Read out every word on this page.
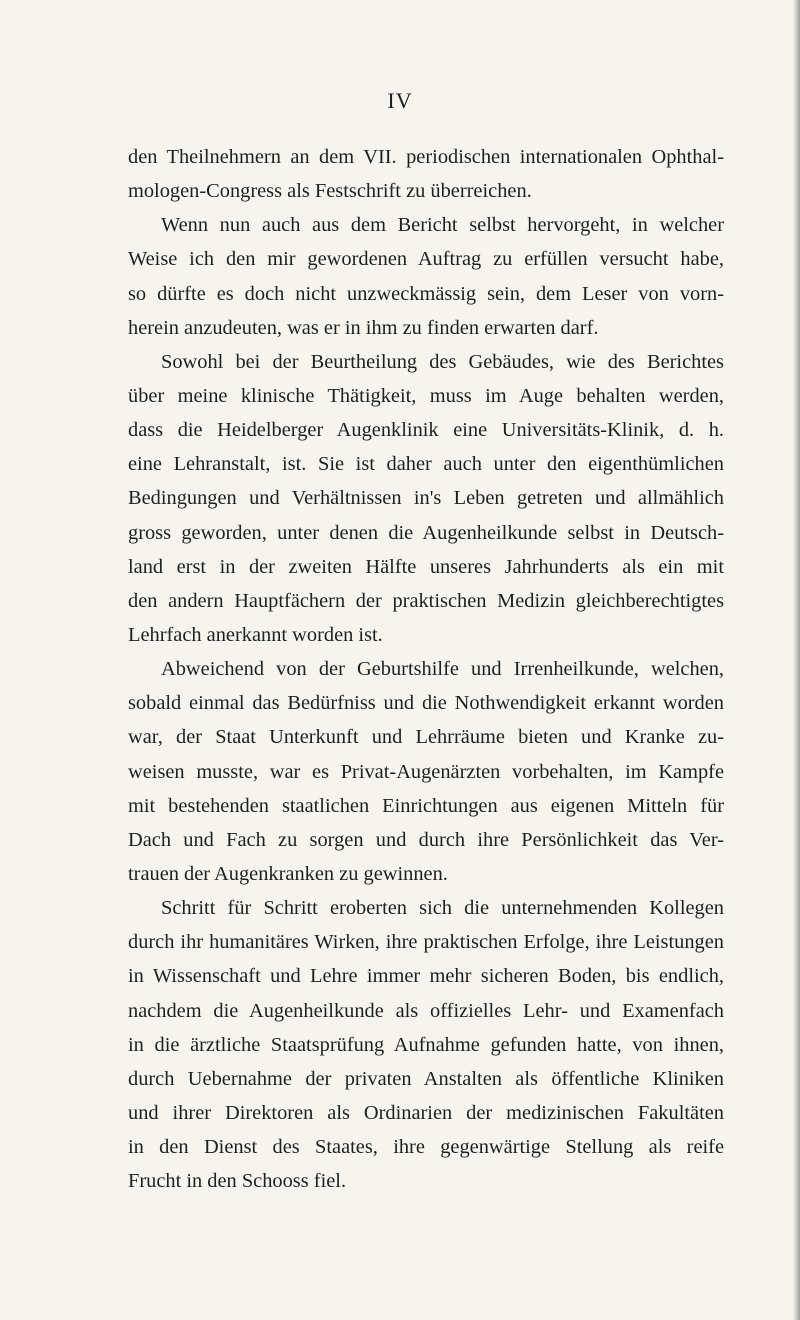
IV
den Theilnehmern an dem VII. periodischen internationalen Ophthal-
mologen-Congress als Festschrift zu überreichen.
Wenn nun auch aus dem Bericht selbst hervorgeht, in welcher
Weise ich den mir gewordenen Auftrag zu erfüllen versucht habe,
so dürfte es doch nicht unzweckmässig sein, dem Leser von vorn-
herein anzudeuten, was er in ihm zu finden erwarten darf.
Sowohl bei der Beurtheilung des Gebäudes, wie des Berichtes
über meine klinische Thätigkeit, muss im Auge behalten werden,
dass die Heidelberger Augenklinik eine Universitäts-Klinik, d. h.
eine Lehranstalt, ist. Sie ist daher auch unter den eigenthümlichen
Bedingungen und Verhältnissen in's Leben getreten und allmählich
gross geworden, unter denen die Augenheilkunde selbst in Deutsch-
land erst in der zweiten Hälfte unseres Jahrhunderts als ein mit
den andern Hauptfächern der praktischen Medizin gleichberechtigtes
Lehrfach anerkannt worden ist.
Abweichend von der Geburtshilfe und Irrenheilkunde, welchen,
sobald einmal das Bedürfniss und die Nothwendigkeit erkannt worden
war, der Staat Unterkunft und Lehrräume bieten und Kranke zu-
weisen musste, war es Privat-Augenärzten vorbehalten, im Kampfe
mit bestehenden staatlichen Einrichtungen aus eigenen Mitteln für
Dach und Fach zu sorgen und durch ihre Persönlichkeit das Ver-
trauen der Augenkranken zu gewinnen.
Schritt für Schritt eroberten sich die unternehmenden Kollegen
durch ihr humanitäres Wirken, ihre praktischen Erfolge, ihre Leistungen
in Wissenschaft und Lehre immer mehr sicheren Boden, bis endlich,
nachdem die Augenheilkunde als offizielles Lehr- und Examenfach
in die ärztliche Staatsprüfung Aufnahme gefunden hatte, von ihnen,
durch Uebernahme der privaten Anstalten als öffentliche Kliniken
und ihrer Direktoren als Ordinarien der medizinischen Fakultäten
in den Dienst des Staates, ihre gegenwärtige Stellung als reife
Frucht in den Schooss fiel.
